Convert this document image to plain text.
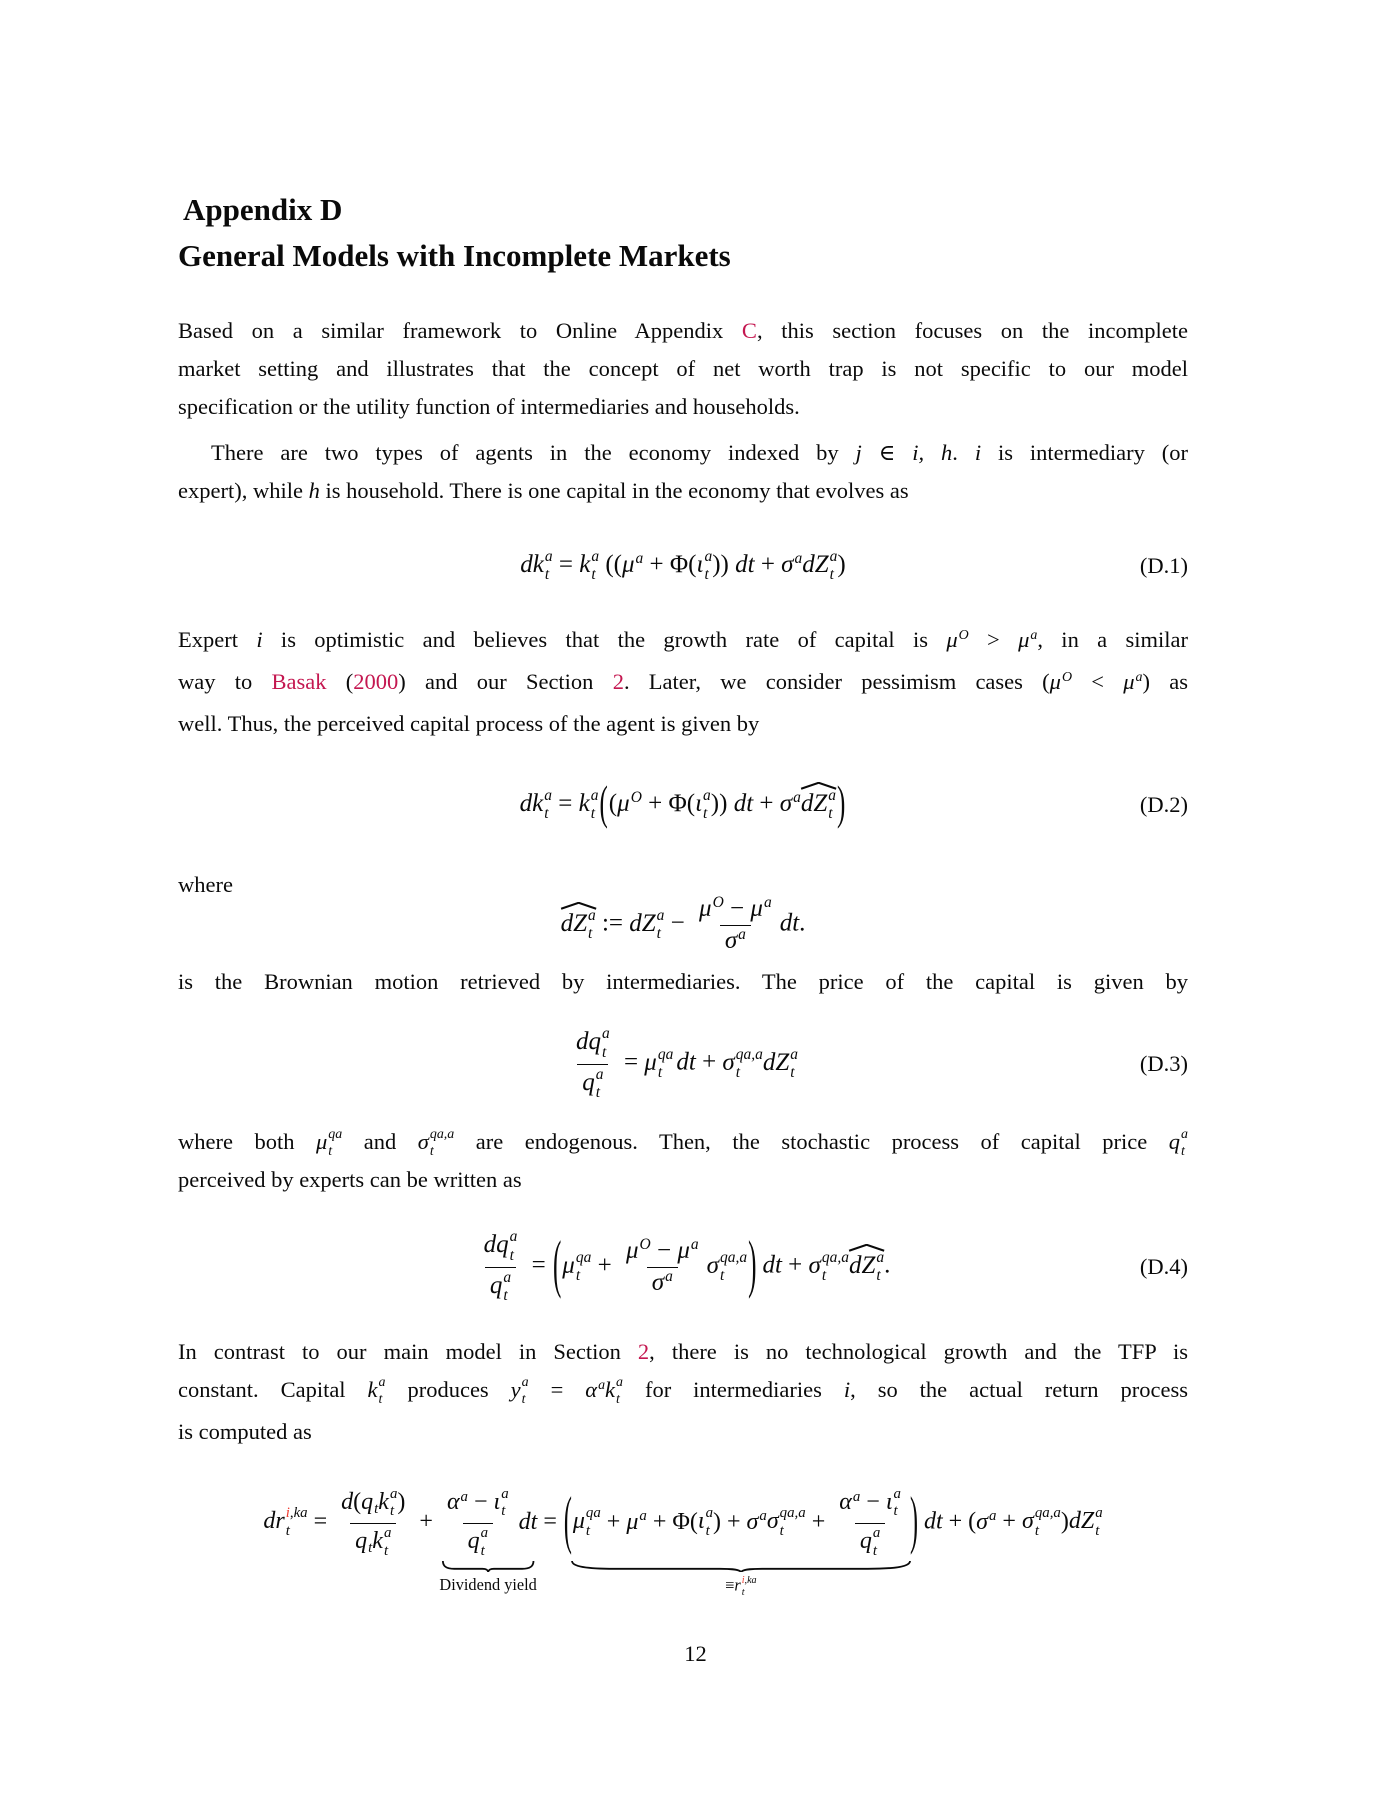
Appendix D
General Models with Incomplete Markets
Based on a similar framework to Online Appendix C, this section focuses on the incomplete
market setting and illustrates that the concept of net worth trap is not specific to our model
specification or the utility function of intermediaries and households.
There are two types of agents in the economy indexed by j ∈ i, h. i is intermediary (or
expert), while h is household. There is one capital in the economy that evolves as
dk a
t = k a
t (($\mu^a + \Phi(\iota$ a
t )) dt + $\sigma^adZ$ a
t )	(D.1)
Expert i is optimistic and believes that the growth rate of capital is $\mu^O > \mu^a$, in a similar
way to Basak (2000) and our Section 2. Later, we consider pessimism cases $(\mu^O < \mu^a)$ as
well. Thus, the perceived capital process of the agent is given by
dk a
t = k a
t (($\mu^O + \Phi(\iota$ a
t )) dt + $\sigma^adZ$ a
t )	(D.2)
where
dZ a
t := dZ a
$t - \frac{\mu^O - \mu^a}{\sigma^a}$ dt.
is the Brownian motion retrieved by intermediaries. The price of the capital is given by
dq a
t
q a
t = μ qa
t dt + σ qa,a
t dZ a
t	(D.3)
where both μ qa
t and σ qa,a
t are endogenous. Then, the stochastic process of capital price q a
t
perceived by experts can be written as
dq a
t
q a
t = (μ qa
$t + \frac{\mu^O - \mu^a}{\sigma^a}$ σ qa,a
t ) dt + σ qa,a
t dZ a
t .	(D.4)
In contrast to our main model in Section 2, there is no technological growth and the TFP is
constant. Capital k a
t produces y a
$t = \alpha^ak$ a
t for intermediaries i, so the actual return process
is computed as
dr i,ka
t = d(qtk a
t )
qtk a
$t + \alpha^a - \iota$ a
t
q a
t dt
Dividend yield
= (μ qa
$t + \mu^a + \Phi(\iota$ a
t ) + $\sigma^a\sigma$ qa,a
$t + \alpha^a - \iota$ a
t
q a
t )
≡r i,ka
t
dt + ($\sigma^a + \sigma$ qa,a
t )dZ a
t
12
